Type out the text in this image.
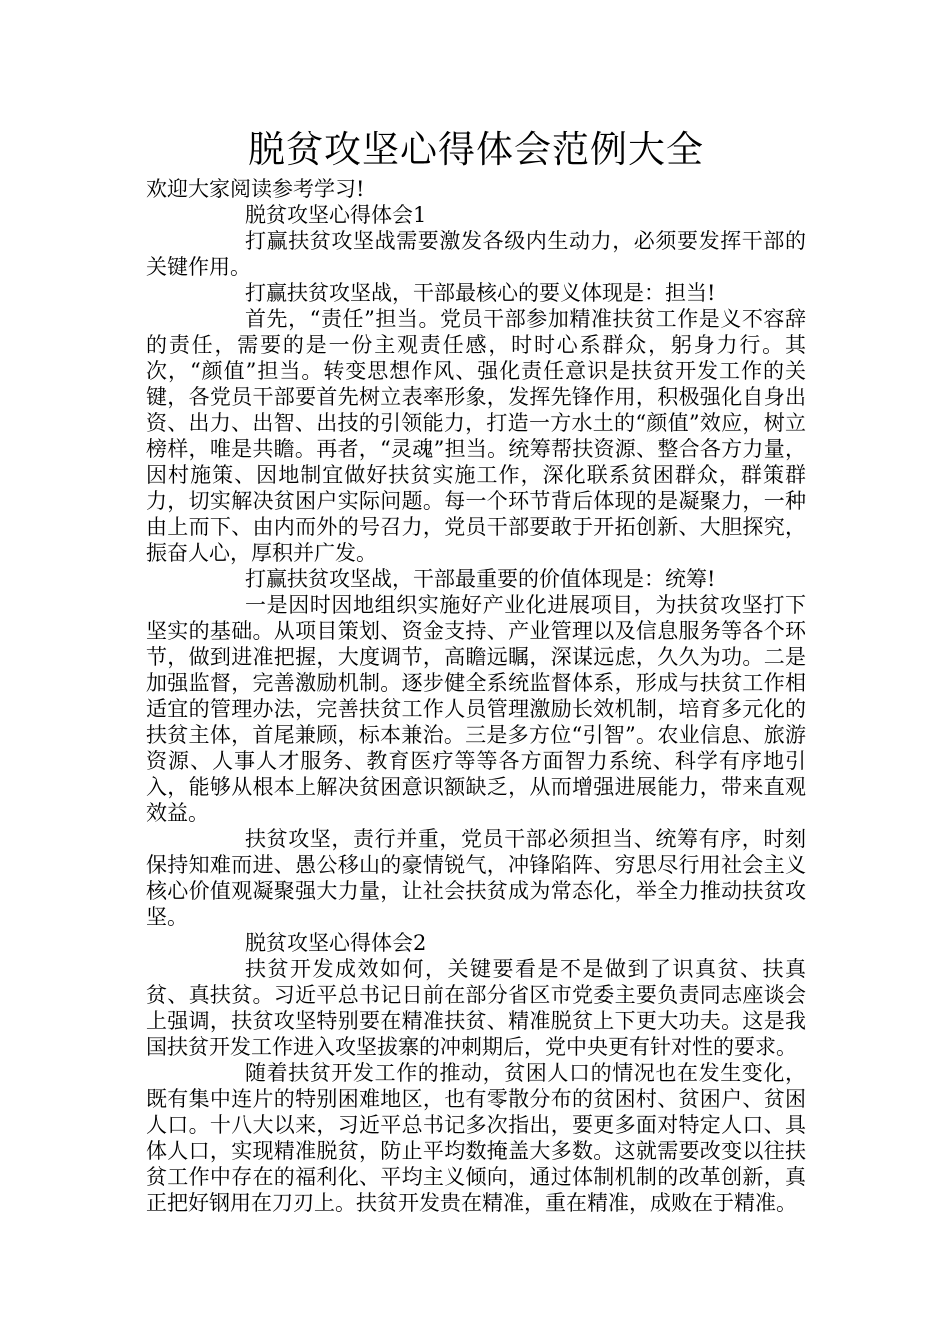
脱贫攻坚心得体会范例大全

欢迎大家阅读参考学习!

脱贫攻坚心得体会1

打赢扶贫攻坚战需要激发各级内生动力，必须要发挥干部的关键作用。

打赢扶贫攻坚战，干部最核心的要义体现是：担当!

首先，“责任”担当。党员干部参加精准扶贫工作是义不容辞的责任，需要的是一份主观责任感，时时心系群众，躬身力行。其次，“颜值”担当。转变思想作风、强化责任意识是扶贫开发工作的关键，各党员干部要首先树立表率形象，发挥先锋作用，积极强化自身出资、出力、出智、出技的引领能力，打造一方水土的“颜值”效应，树立榜样，唯是共瞻。再者，“灵魂”担当。统筹帮扶资源、整合各方力量，因村施策、因地制宜做好扶贫实施工作，深化联系贫困群众，群策群力，切实解决贫困户实际问题。每一个环节背后体现的是凝聚力，一种由上而下、由内而外的号召力，党员干部要敢于开拓创新、大胆探究，振奋人心，厚积并广发。

打赢扶贫攻坚战，干部最重要的价值体现是：统筹!

一是因时因地组织实施好产业化进展项目，为扶贫攻坚打下坚实的基础。从项目策划、资金支持、产业管理以及信息服务等各个环节，做到进准把握，大度调节，高瞻远瞩，深谋远虑，久久为功。二是加强监督，完善激励机制。逐步健全系统监督体系，形成与扶贫工作相适宜的管理办法，完善扶贫工作人员管理激励长效机制，培育多元化的扶贫主体，首尾兼顾，标本兼治。三是多方位“引智”。农业信息、旅游资源、人事人才服务、教育医疗等等各方面智力系统、科学有序地引入，能够从根本上解决贫困意识额缺乏，从而增强进展能力，带来直观效益。

扶贫攻坚，责行并重，党员干部必须担当、统筹有序，时刻保持知难而进、愚公移山的豪情锐气，冲锋陷阵、穷思尽行用社会主义核心价值观凝聚强大力量，让社会扶贫成为常态化，举全力推动扶贫攻坚。

脱贫攻坚心得体会2

扶贫开发成效如何，关键要看是不是做到了识真贫、扶真贫、真扶贫。习近平总书记日前在部分省区市党委主要负责同志座谈会上强调，扶贫攻坚特别要在精准扶贫、精准脱贫上下更大功夫。这是我国扶贫开发工作进入攻坚拔寨的冲刺期后，党中央更有针对性的要求。

随着扶贫开发工作的推动，贫困人口的情况也在发生变化，既有集中连片的特别困难地区，也有零散分布的贫困村、贫困户、贫困人口。十八大以来，习近平总书记多次指出，要更多面对特定人口、具体人口，实现精准脱贫，防止平均数掩盖大多数。这就需要改变以往扶贫工作中存在的福利化、平均主义倾向，通过体制机制的改革创新，真正把好钢用在刀刃上。扶贫开发贵在精准，重在精准，成败在于精准。
